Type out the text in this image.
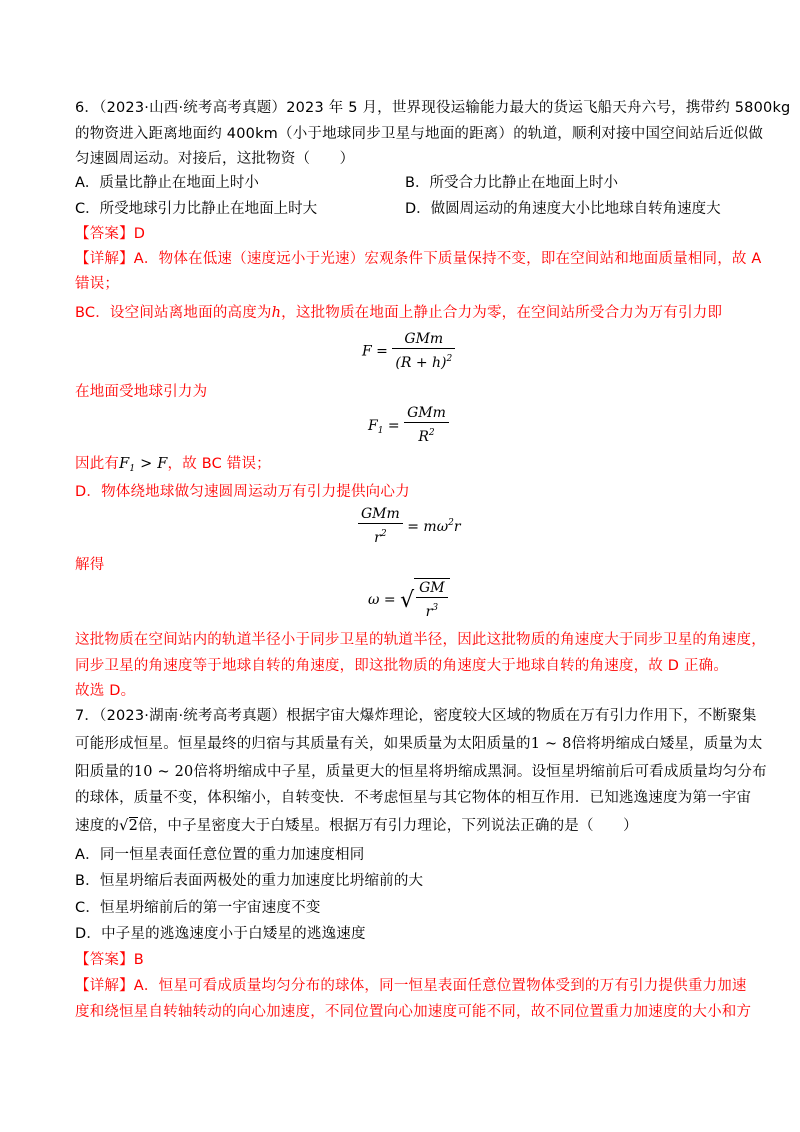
6．（2023·山西·统考高考真题）2023 年 5 月，世界现役运输能力最大的货运飞船天舟六号，携带约 5800kg
的物资进入距离地面约 400km（小于地球同步卫星与地面的距离）的轨道，顺利对接中国空间站后近似做
匀速圆周运动。对接后，这批物资（　　）
A．质量比静止在地面上时小	B．所受合力比静止在地面上时小
C．所受地球引力比静止在地面上时大	D．做圆周运动的角速度大小比地球自转角速度大
【答案】D
【详解】A．物体在低速（速度远小于光速）宏观条件下质量保持不变，即在空间站和地面质量相同，故 A
错误；
BC．设空间站离地面的高度为h，这批物质在地面上静止合力为零，在空间站所受合力为万有引力即
$F = \frac{\text{GMm}}{(R + h)^2}$
在地面受地球引力为
$F_1 = \frac{\text{GMm}}{R^2}$
因此有$F_1 > F$，故 BC 错误；
D．物体绕地球做匀速圆周运动万有引力提供向心力
$\frac{\text{GMm}}{r^2} = m\omega^2r$
解得
ω = √ $\frac{GM}{r^3}$
这批物质在空间站内的轨道半径小于同步卫星的轨道半径，因此这批物质的角速度大于同步卫星的角速度，
同步卫星的角速度等于地球自转的角速度，即这批物质的角速度大于地球自转的角速度，故 D 正确。
故选 D。
7．（2023·湖南·统考高考真题）根据宇宙大爆炸理论，密度较大区域的物质在万有引力作用下，不断聚集
可能形成恒星。恒星最终的归宿与其质量有关，如果质量为太阳质量的1 ~ 8倍将坍缩成白矮星，质量为太
阳质量的10 ~ 20倍将坍缩成中子星，质量更大的恒星将坍缩成黑洞。设恒星坍缩前后可看成质量均匀分布
的球体，质量不变，体积缩小，自转变快．不考虑恒星与其它物体的相互作用．已知逃逸速度为第一宇宙
速度的√2倍，中子星密度大于白矮星。根据万有引力理论，下列说法正确的是（　　）
A．同一恒星表面任意位置的重力加速度相同
B．恒星坍缩后表面两极处的重力加速度比坍缩前的大
C．恒星坍缩前后的第一宇宙速度不变
D．中子星的逃逸速度小于白矮星的逃逸速度
【答案】B
【详解】A．恒星可看成质量均匀分布的球体，同一恒星表面任意位置物体受到的万有引力提供重力加速
度和绕恒星自转轴转动的向心加速度，不同位置向心加速度可能不同，故不同位置重力加速度的大小和方
